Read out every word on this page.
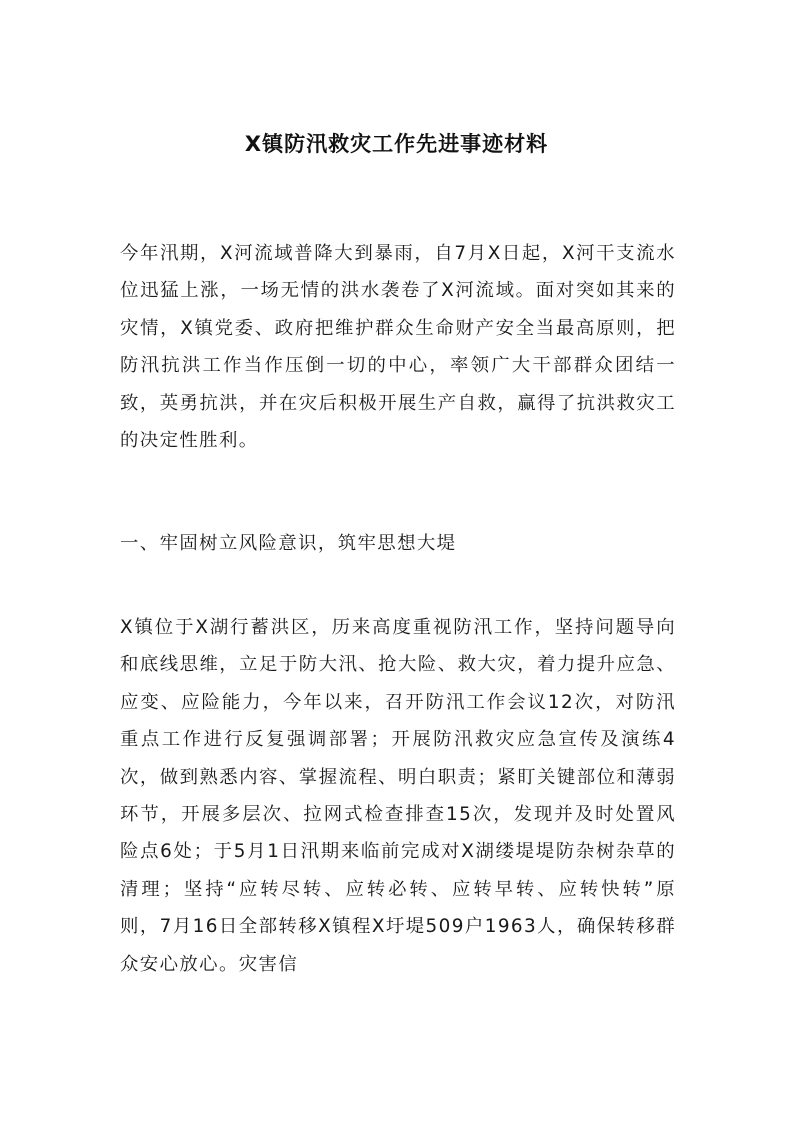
X镇防汛救灾工作先进事迹材料

今年汛期，X河流域普降大到暴雨，自7月X日起，X河干支流水位迅猛上涨，一场无情的洪水袭卷了X河流域。面对突如其来的灾情，X镇党委、政府把维护群众生命财产安全当最高原则，把防汛抗洪工作当作压倒一切的中心，率领广大干部群众团结一致，英勇抗洪，并在灾后积极开展生产自救，赢得了抗洪救灾工的决定性胜利。

一、牢固树立风险意识，筑牢思想大堤

X镇位于X湖行蓄洪区，历来高度重视防汛工作，坚持问题导向和底线思维，立足于防大汛、抢大险、救大灾，着力提升应急、应变、应险能力，今年以来，召开防汛工作会议12次，对防汛重点工作进行反复强调部署；开展防汛救灾应急宣传及演练4次，做到熟悉内容、掌握流程、明白职责；紧盯关键部位和薄弱环节，开展多层次、拉网式检查排查15次，发现并及时处置风险点6处；于5月1日汛期来临前完成对X湖缕堤堤防杂树杂草的清理；坚持“应转尽转、应转必转、应转早转、应转快转”原则，7月16日全部转移X镇程X圩堤509户1963人，确保转移群众安心放心。灾害信
